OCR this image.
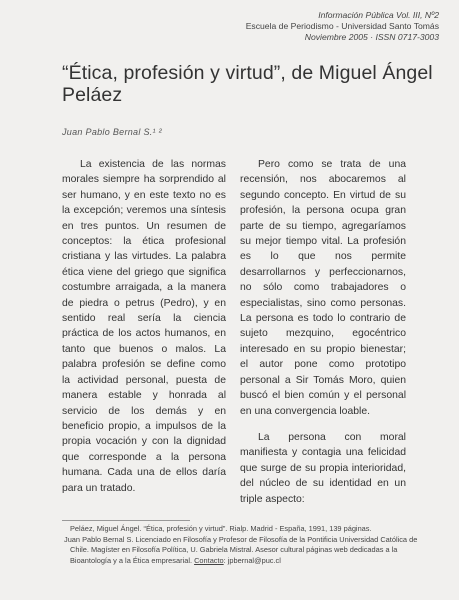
Información Pública Vol. III, Nº2
Escuela de Periodismo - Universidad Santo Tomás
Noviembre 2005 · ISSN 0717-3003
“Ética, profesión y virtud”, de Miguel Ángel Peláez
Juan Pablo Bernal S.¹ ²

La existencia de las normas morales siempre ha sorprendido al ser humano, y en este texto no es la excepción; veremos una síntesis en tres puntos. Un resumen de conceptos: la ética profesional cristiana y las virtudes. La palabra ética viene del griego que significa costumbre arraigada, a la manera de piedra o petrus (Pedro), y en sentido real sería la ciencia práctica de los actos humanos, en tanto que buenos o malos. La palabra profesión se define como la actividad personal, puesta de manera estable y honrada al servicio de los demás y en beneficio propio, a impulsos de la propia vocación y con la dignidad que corresponde a la persona humana. Cada una de ellos daría para un tratado.

Pero como se trata de una recensión, nos abocaremos al segundo concepto. En virtud de su profesión, la persona ocupa gran parte de su tiempo, agregaríamos su mejor tiempo vital. La profesión es lo que nos permite desarrollarnos y perfeccionarnos, no sólo como trabajadores o especialistas, sino como personas. La persona es todo lo contrario de sujeto mezquino, egocéntrico interesado en su propio bienestar; el autor pone como prototipo personal a Sir Tomás Moro, quien buscó el bien común y el personal en una convergencia loable.

La persona con moral manifiesta y contagia una felicidad que surge de su propia interioridad, del núcleo de su identidad en un triple aspecto:

Peláez, Miguel Ángel. “Ética, profesión y virtud”. Rialp. Madrid - España, 1991, 139 páginas.

Juan Pablo Bernal S. Licenciado en Filosofía y Profesor de Filosofía de la Pontificia Universidad Católica de Chile. Magíster en Filosofía Política, U. Gabriela Mistral. Asesor cultural páginas web dedicadas a la Bioantología y a la Ética empresarial. Contacto: jpbernal@puc.cl
